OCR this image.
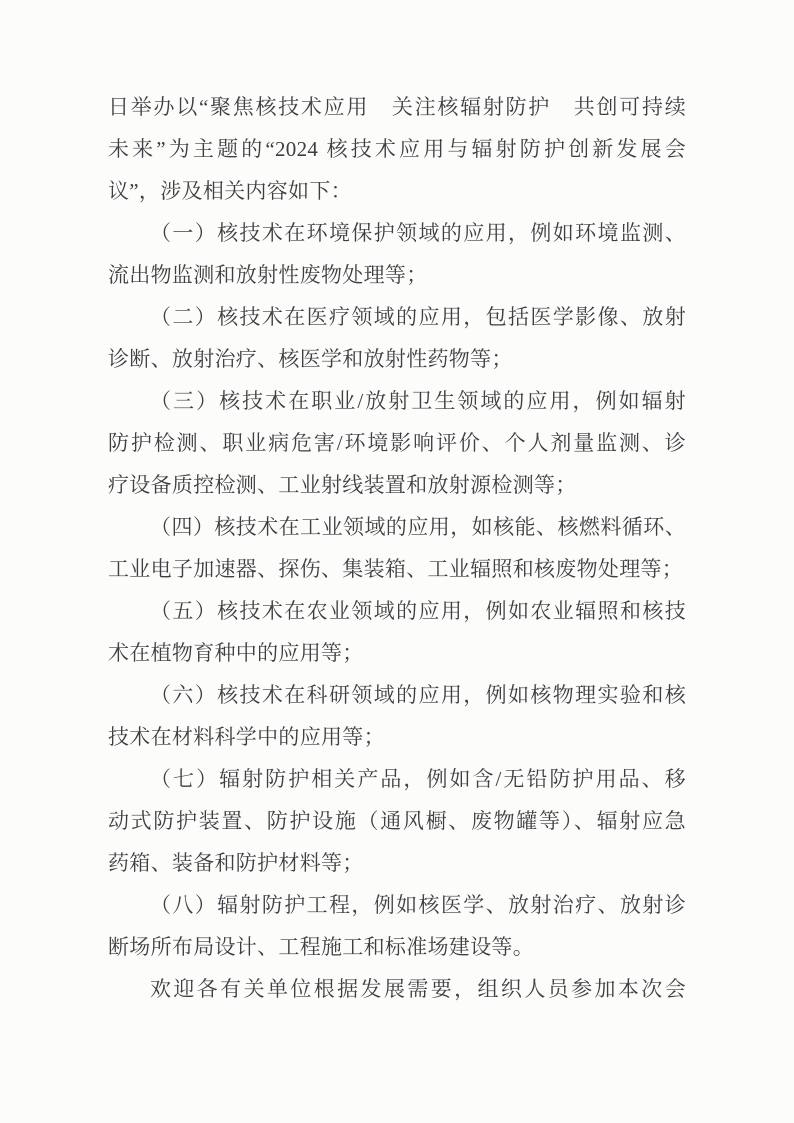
日举办以“聚焦核技术应用　关注核辐射防护　共创可持续
未来”为主题的“2024 核技术应用与辐射防护创新发展会
议”，涉及相关内容如下：
（一）核技术在环境保护领域的应用，例如环境监测、
流出物监测和放射性废物处理等；
（二）核技术在医疗领域的应用，包括医学影像、放射
诊断、放射治疗、核医学和放射性药物等；
（三）核技术在职业/放射卫生领域的应用，例如辐射
防护检测、职业病危害/环境影响评价、个人剂量监测、诊
疗设备质控检测、工业射线装置和放射源检测等；
（四）核技术在工业领域的应用，如核能、核燃料循环、
工业电子加速器、探伤、集装箱、工业辐照和核废物处理等；
（五）核技术在农业领域的应用，例如农业辐照和核技
术在植物育种中的应用等；
（六）核技术在科研领域的应用，例如核物理实验和核
技术在材料科学中的应用等；
（七）辐射防护相关产品，例如含/无铅防护用品、移
动式防护装置、防护设施（通风橱、废物罐等）、辐射应急
药箱、装备和防护材料等；
（八）辐射防护工程，例如核医学、放射治疗、放射诊
断场所布局设计、工程施工和标准场建设等。
欢迎各有关单位根据发展需要，组织人员参加本次会
